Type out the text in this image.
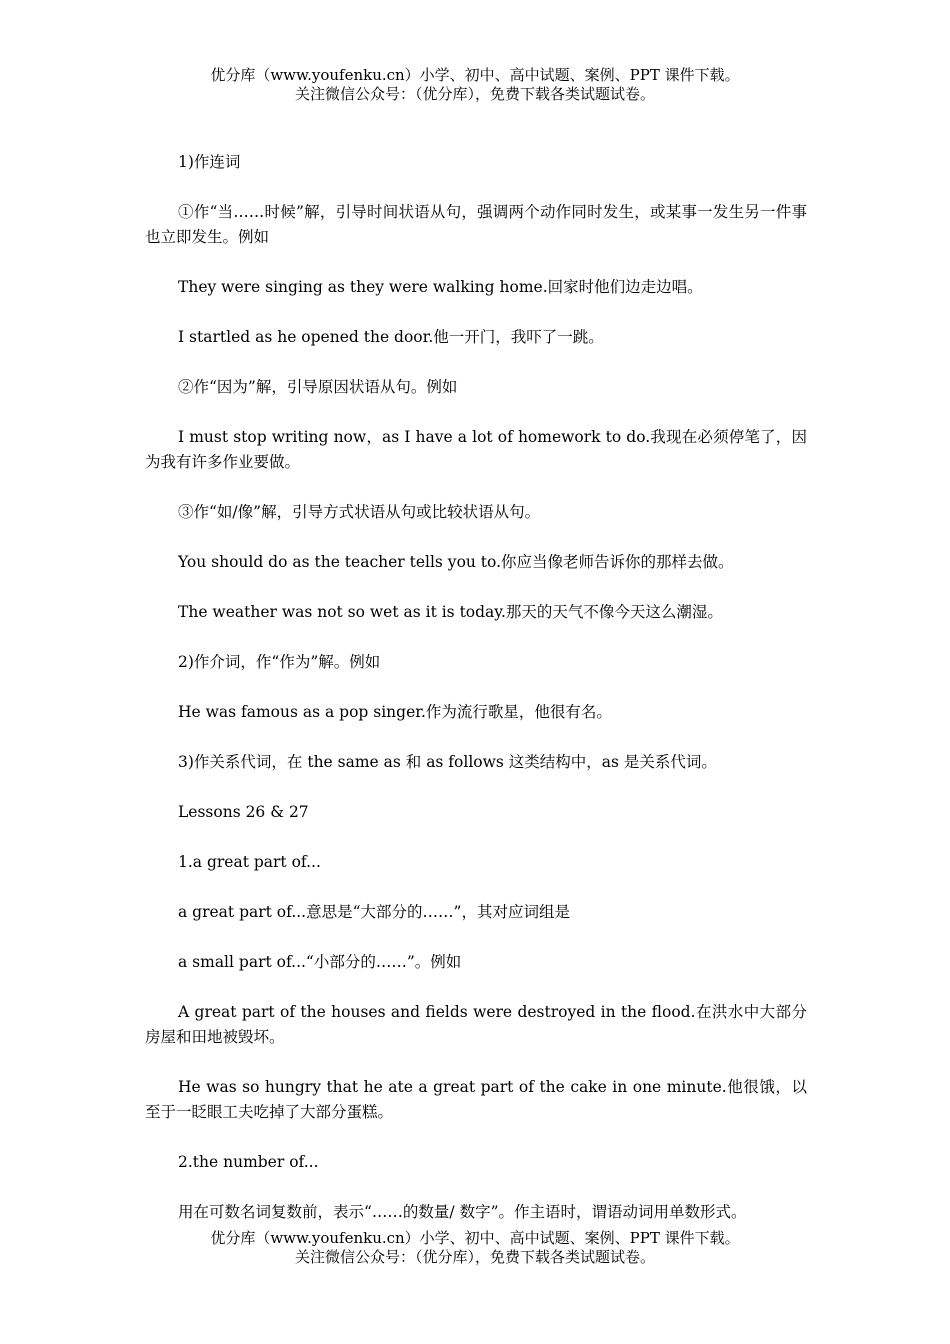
优分库（www.youfenku.cn）小学、初中、高中试题、案例、PPT 课件下载。
关注微信公众号：（优分库），免费下载各类试题试卷。

1)作连词

①作“当……时候”解，引导时间状语从句，强调两个动作同时发生，或某事一发生另一件事也立即发生。例如

They were singing as they were walking home.回家时他们边走边唱。

I startled as he opened the door.他一开门，我吓了一跳。

②作“因为”解，引导原因状语从句。例如

I must stop writing now，as I have a lot of homework to do.我现在必须停笔了，因为我有许多作业要做。

③作“如/像”解，引导方式状语从句或比较状语从句。

You should do as the teacher tells you to.你应当像老师告诉你的那样去做。

The weather was not so wet as it is today.那天的天气不像今天这么潮湿。

2)作介词，作“作为”解。例如

He was famous as a pop singer.作为流行歌星，他很有名。

3)作关系代词，在 the same as 和 as follows 这类结构中，as 是关系代词。

Lessons 26 & 27

1.a great part of...

a great part of...意思是“大部分的……”，其对应词组是

a small part of...“小部分的……”。例如

A great part of the houses and fields were destroyed in the flood.在洪水中大部分房屋和田地被毁坏。

He was so hungry that he ate a great part of the cake in one minute.他很饿，以至于一眨眼工夫吃掉了大部分蛋糕。

2.the number of...

用在可数名词复数前，表示“……的数量/ 数字”。作主语时，谓语动词用单数形式。

优分库（www.youfenku.cn）小学、初中、高中试题、案例、PPT 课件下载。
关注微信公众号：（优分库），免费下载各类试题试卷。
